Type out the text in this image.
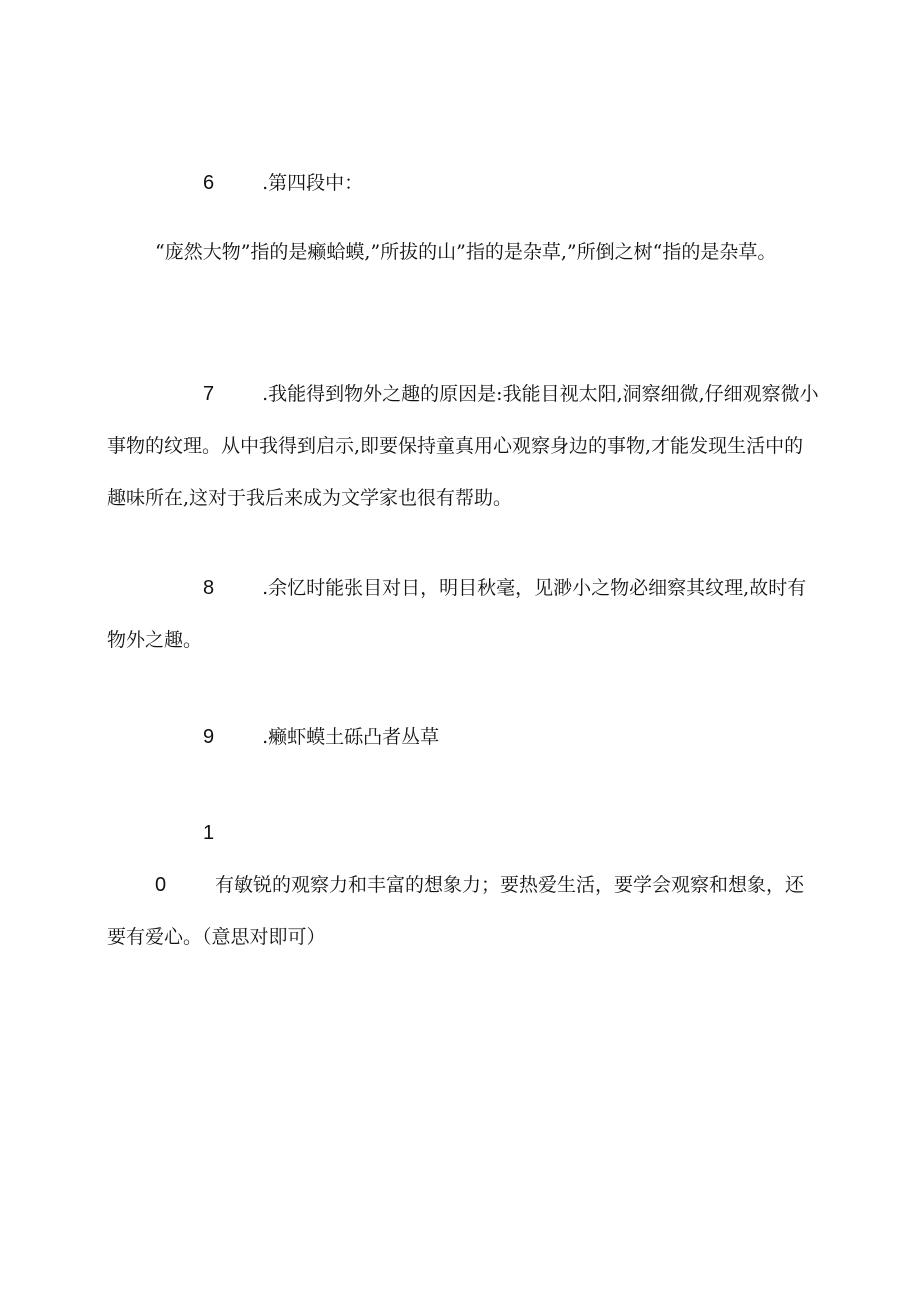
6	.第四段中：

“庞然大物”指的是癞蛤蟆,”所拔的山”指的是杂草,”所倒之树“指的是杂草。

7	.我能得到物外之趣的原因是:我能目视太阳,洞察细微,仔细观察微小事物的纹理。从中我得到启示,即要保持童真用心观察身边的事物,才能发现生活中的趣味所在,这对于我后来成为文学家也很有帮助。

8	.余忆时能张目对日，明目秋毫，见渺小之物必细察其纹理,故时有物外之趣。

9	.癞虾蟆土砾凸者丛草

10	有敏锐的观察力和丰富的想象力；要热爱生活，要学会观察和想象，还要有爱心。（意思对即可）
